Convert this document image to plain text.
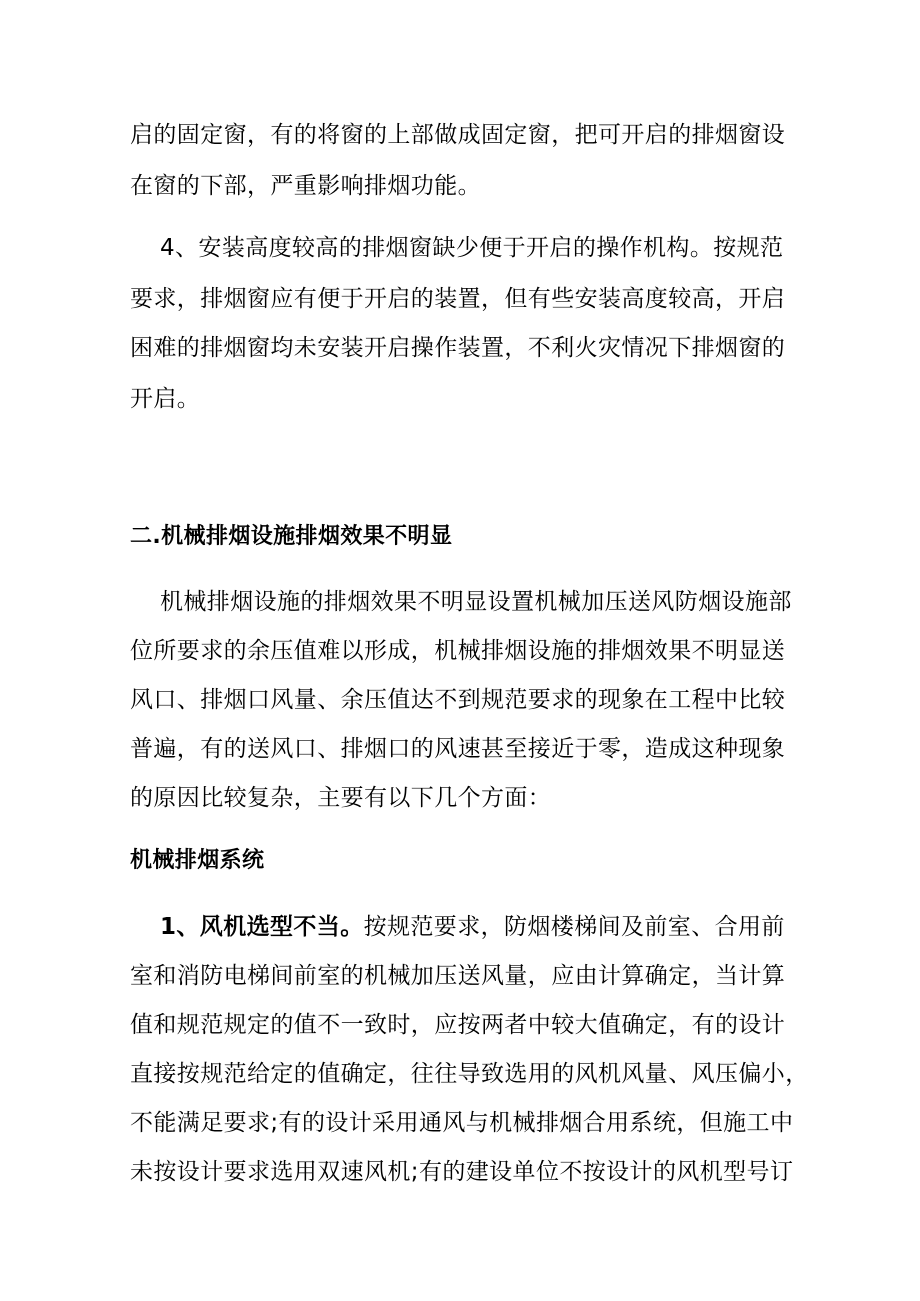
启的固定窗，有的将窗的上部做成固定窗，把可开启的排烟窗设
在窗的下部，严重影响排烟功能。
4、安装高度较高的排烟窗缺少便于开启的操作机构。按规范
要求，排烟窗应有便于开启的装置，但有些安装高度较高，开启
困难的排烟窗均未安装开启操作装置，不利火灾情况下排烟窗的
开启。
二.机械排烟设施排烟效果不明显
机械排烟设施的排烟效果不明显设置机械加压送风防烟设施部
位所要求的余压值难以形成，机械排烟设施的排烟效果不明显送
风口、排烟口风量、余压值达不到规范要求的现象在工程中比较
普遍，有的送风口、排烟口的风速甚至接近于零，造成这种现象
的原因比较复杂，主要有以下几个方面：
机械排烟系统
1、风机选型不当。按规范要求，防烟楼梯间及前室、合用前
室和消防电梯间前室的机械加压送风量，应由计算确定，当计算
值和规范规定的值不一致时，应按两者中较大值确定，有的设计
直接按规范给定的值确定，往往导致选用的风机风量、风压偏小，
不能满足要求;有的设计采用通风与机械排烟合用系统，但施工中
未按设计要求选用双速风机;有的建设单位不按设计的风机型号订
